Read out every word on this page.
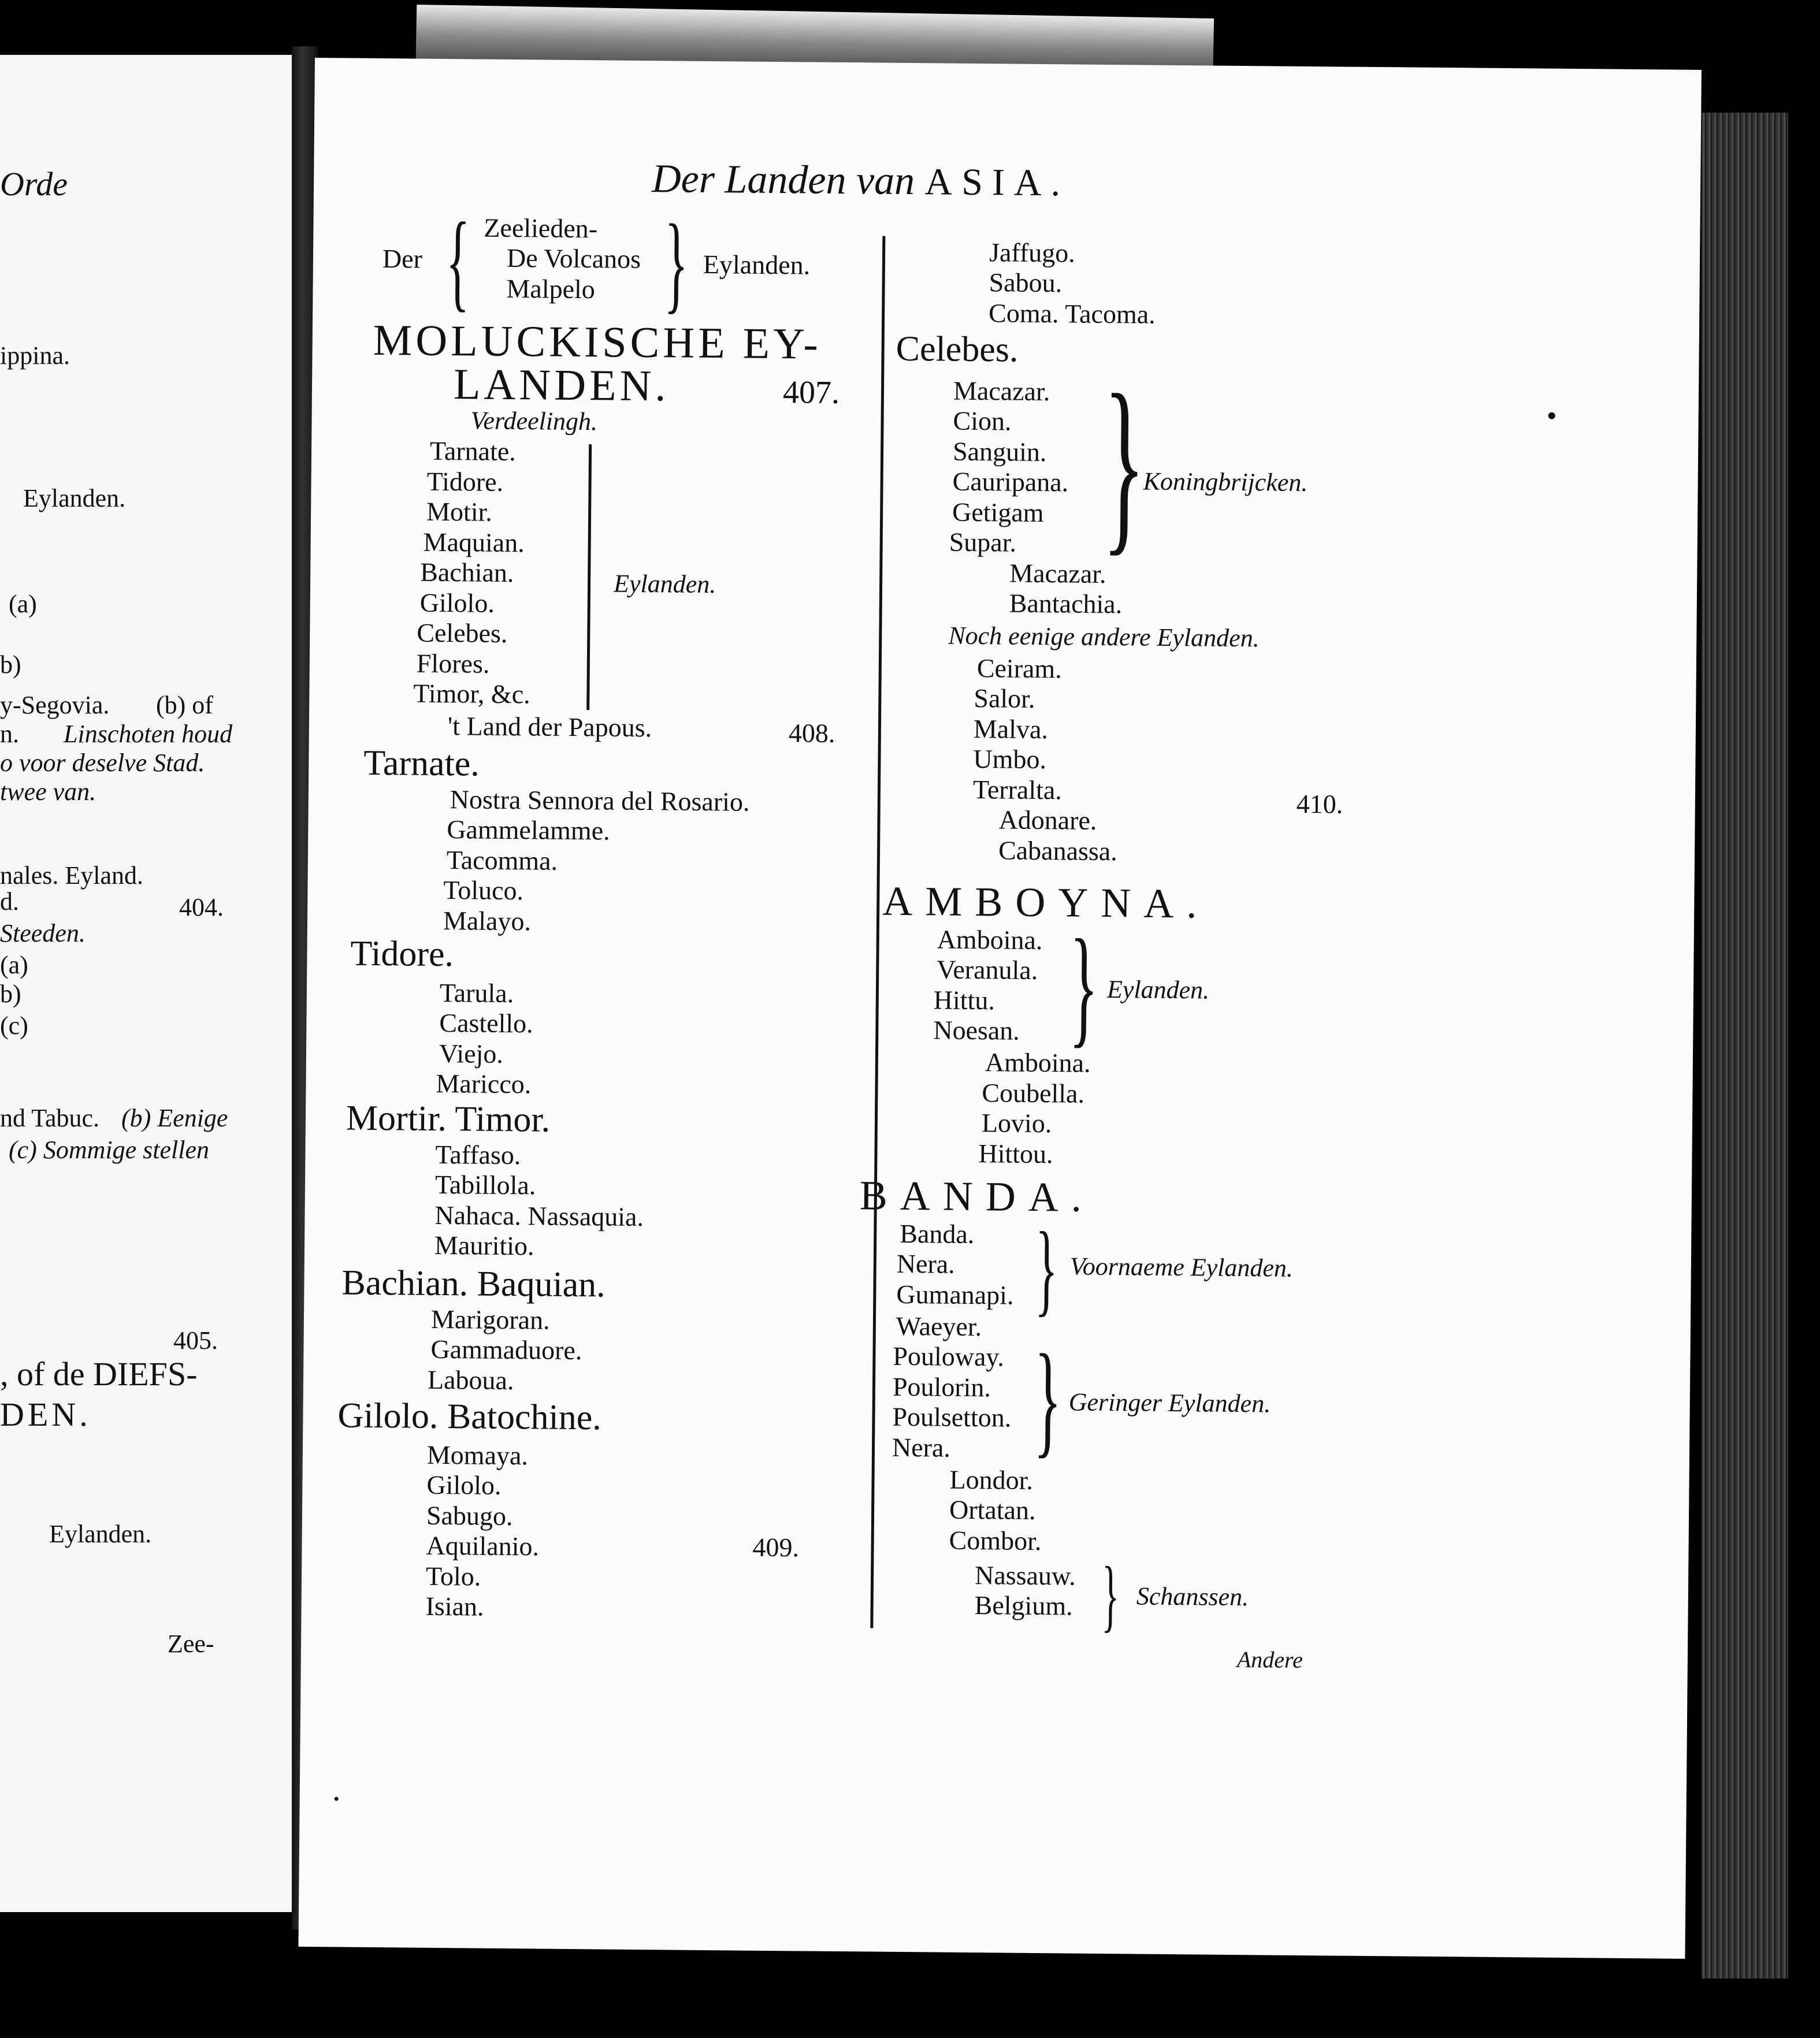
Orde
ippina.
Eylanden.
(a)
b)
y-Segovia. (b) of
n. Linschoten houd
o voor deselve Stad.
twee van.
nales. Eyland.
d.	404.
Steeden.
(a)
b)
(c)
nd Tabuc. (b) Eenige
(c) Sommige stellen
405.
, of de DIEFS-
DEN.
Eylanden.
Zee-
Der Landen van ASIA.
Der { Zeelieden-
De Volcanos
Malpelo } Eylanden.
MOLUCKISCHE EY-
LANDEN.	407.
Verdeelingh.
Tarnate.
Tidore.
Motir.
Maquian.
Bachian.
Gilolo.
Celebes.
Flores.
Timor, &c.
Eylanden.
't Land der Papous.	408.
Tarnate.
Nostra Sennora del Rosario.
Gammelamme.
Tacomma.
Toluco.
Malayo.
Tidore.
Tarula.
Castello.
Viejo.
Maricco.
Mortir. Timor.
Taffaso.
Tabillola.
Nahaca. Nassaquia.
Mauritio.
Bachian. Baquian.
Marigoran.
Gammaduore.
Laboua.
Gilolo. Batochine.
Momaya.
Gilolo.
Sabugo.
Aquilanio.
Tolo.
Isian.
409.
Jaffugo.
Sabou.
Coma. Tacoma.
Celebes.
Macazar.
Cion.
Sanguin.
Cauripana.
Getigam
Supar. }
Koningbrijcken.
Macazar.
Bantachia.
Noch eenige andere Eylanden.
Ceiram.
Salor.
Malva.
Umbo.
Terralta.
Adonare.
Cabanassa.
410.
AMBOYNA.
Amboina.
Veranula.
Hittu.
Noesan. } Eylanden.
Amboina.
Coubella.
Lovio.
Hittou.
BANDA.
Banda.
Nera.
Gumanapi. } Voornaeme Eylanden.
Waeyer.
Pouloway.
Poulorin.
Poulsetton.
Nera. } Geringer Eylanden.
Londor.
Ortatan.
Combor.
Nassauw.
Belgium. } Schanssen.
Andere
